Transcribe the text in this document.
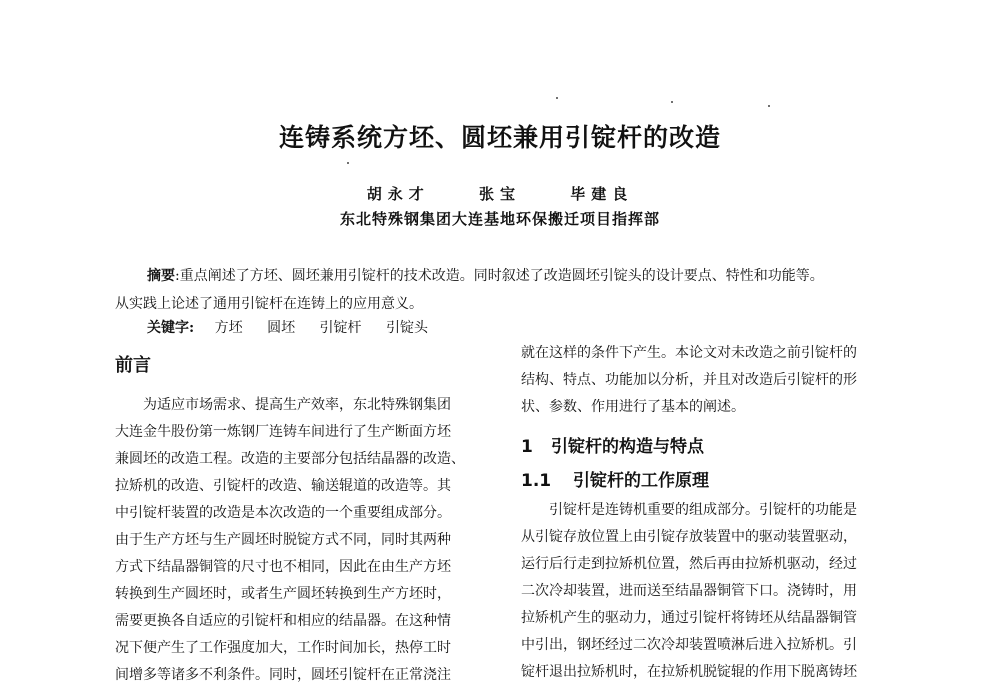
连铸系统方坯、圆坯兼用引锭杆的改造
胡永才	张宝	毕建良
东北特殊钢集团大连基地环保搬迁项目指挥部

摘要:重点阐述了方坯、圆坯兼用引锭杆的技术改造。同时叙述了改造圆坯引锭头的设计要点、特性和功能等。

从实践上论述了通用引锭杆在连铸上的应用意义。

关键字: 方坯 圆坯 引锭杆 引锭头
前言
为适应市场需求、提高生产效率，东北特殊钢集团
大连金牛股份第一炼钢厂连铸车间进行了生产断面方坯
兼圆坯的改造工程。改造的主要部分包括结晶器的改造、
拉矫机的改造、引锭杆的改造、输送辊道的改造等。其
中引锭杆装置的改造是本次改造的一个重要组成部分。
由于生产方坯与生产圆坯时脱锭方式不同，同时其两种
方式下结晶器铜管的尺寸也不相同，因此在由生产方坯
转换到生产圆坯时，或者生产圆坯转换到生产方坯时，
需要更换各自适应的引锭杆和相应的结晶器。在这种情
况下便产生了工作强度加大，工作时间加长，热停工时
间增多等诸多不利条件。同时，圆坯引锭杆在正常浇注
就在这样的条件下产生。本论文对未改造之前引锭杆的
结构、特点、功能加以分析，并且对改造后引锭杆的形
状、参数、作用进行了基本的阐述。
1 引锭杆的构造与特点
1.1 引锭杆的工作原理
引锭杆是连铸机重要的组成部分。引锭杆的功能是
从引锭存放位置上由引锭存放装置中的驱动装置驱动，
运行后行走到拉矫机位置，然后再由拉矫机驱动，经过
二次冷却装置，进而送至结晶器铜管下口。浇铸时，用
拉矫机产生的驱动力，通过引锭杆将铸坯从结晶器铜管
中引出，钢坯经过二次冷却装置喷淋后进入拉矫机。引
锭杆退出拉矫机时，在拉矫机脱锭辊的作用下脱离铸坯
